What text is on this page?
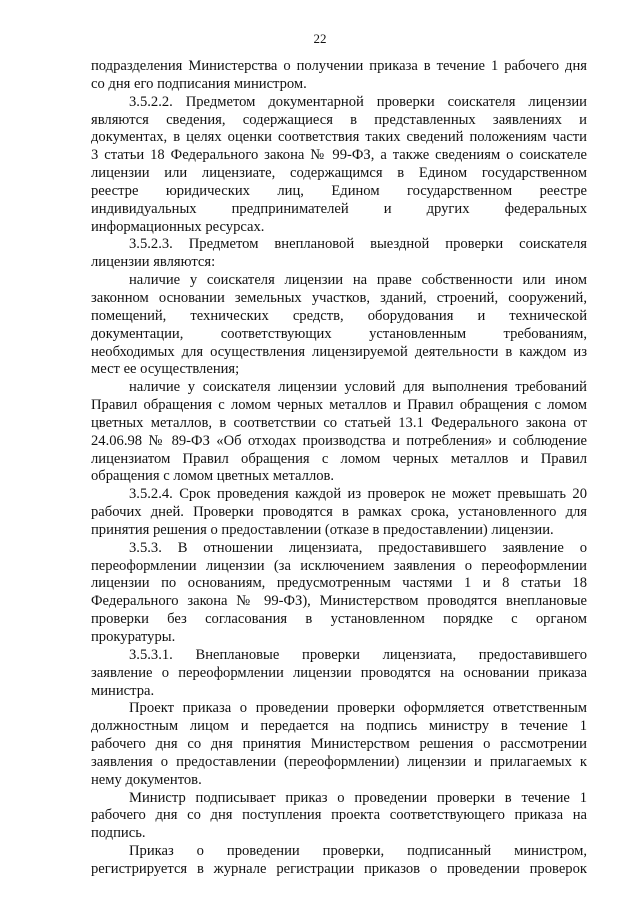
22
подразделения Министерства о получении приказа в течение 1 рабочего дня
со дня его подписания министром.
3.5.2.2. Предметом документарной проверки соискателя лицензии
являются сведения, содержащиеся в представленных заявлениях и
документах, в целях оценки соответствия таких сведений положениям части
3 статьи 18 Федерального закона № 99-ФЗ, а также сведениям о соискателе
лицензии или лицензиате, содержащимся в Едином государственном
реестре юридических лиц, Едином государственном реестре
индивидуальных предпринимателей и других федеральных
информационных ресурсах.
3.5.2.3. Предметом внеплановой выездной проверки соискателя
лицензии являются:
наличие у соискателя лицензии на праве собственности или ином
законном основании земельных участков, зданий, строений, сооружений,
помещений, технических средств, оборудования и технической
документации, соответствующих установленным требованиям,
необходимых для осуществления лицензируемой деятельности в каждом из
мест ее осуществления;
наличие у соискателя лицензии условий для выполнения требований
Правил обращения с ломом черных металлов и Правил обращения с ломом
цветных металлов, в соответствии со статьей 13.1 Федерального закона от
24.06.98 № 89-ФЗ «Об отходах производства и потребления» и соблюдение
лицензиатом Правил обращения с ломом черных металлов и Правил
обращения с ломом цветных металлов.
3.5.2.4. Срок проведения каждой из проверок не может превышать 20
рабочих дней. Проверки проводятся в рамках срока, установленного для
принятия решения о предоставлении (отказе в предоставлении) лицензии.
3.5.3. В отношении лицензиата, предоставившего заявление о
переоформлении лицензии (за исключением заявления о переоформлении
лицензии по основаниям, предусмотренным частями 1 и 8 статьи 18
Федерального закона № 99-ФЗ), Министерством проводятся внеплановые
проверки без согласования в установленном порядке с органом
прокуратуры.
3.5.3.1. Внеплановые проверки лицензиата, предоставившего
заявление о переоформлении лицензии проводятся на основании приказа
министра.
Проект приказа о проведении проверки оформляется ответственным
должностным лицом и передается на подпись министру в течение 1
рабочего дня со дня принятия Министерством решения о рассмотрении
заявления о предоставлении (переоформлении) лицензии и прилагаемых к
нему документов.
Министр подписывает приказ о проведении проверки в течение 1
рабочего дня со дня поступления проекта соответствующего приказа на
подпись.
Приказ о проведении проверки, подписанный министром,
регистрируется в журнале регистрации приказов о проведении проверок
